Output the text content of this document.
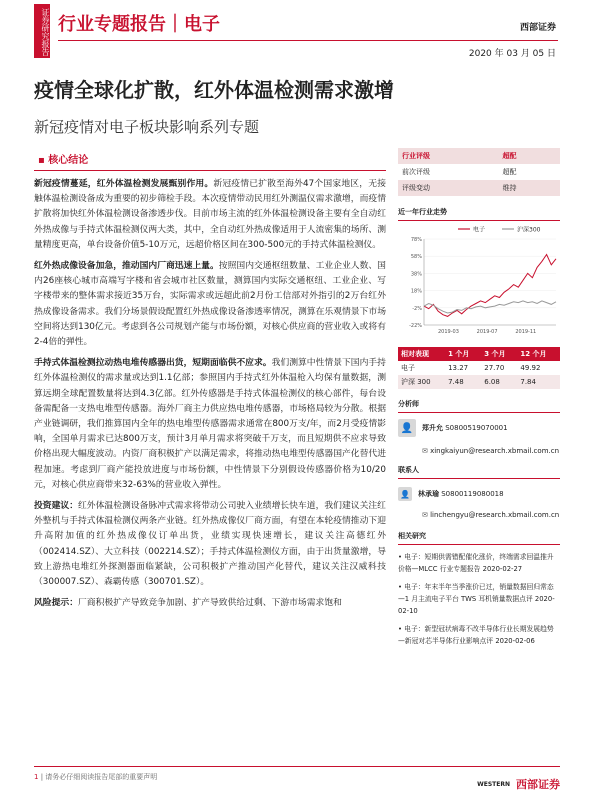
证券研究报告 行业专题报告｜电子	西部证券
2020 年 03 月 05 日
疫情全球化扩散，红外体温检测需求激增
新冠疫情对电子板块影响系列专题
▪ 核心结论
新冠疫情蔓延，红外体温检测发展甄别作用。新冠疫情已扩散至海外47个国家地区，无接触体温检测设备成为重要的初步筛检手段。本次疫情带动民用红外测温仪需求激增，而疫情扩散将加快红外体温检测设备渗透步伐。目前市场主流的红外体温检测设备主要有全自动红外热成像与手持式体温检测仪两大类，其中，全自动红外热成像适用于人流密集的场所、测量精度更高，单台设备价值5-10万元，远超价格区间在300-500元的手持式体温检测仪。
红外热成像设备加急，推动国内厂商迅速上量。按照国内交通枢纽数量、工业企业人数、国内26座核心城市高端写字楼和省会城市社区数量，测算国内实际交通枢纽、工业企业、写字楼带来的整体需求接近35万台，实际需求或远超此前2月份工信部对外指引的2万台红外热成像设备需求。我们分场景假设配置红外热成像设备渗透率情况，测算在乐观情景下市场空间将达到130亿元。考虑到各公司规划产能与市场份额，对核心供应商的营业收入或将有2-4倍的弹性。
手持式体温检测拉动热电堆传感器出货，短期面临供不应求。我们测算中性情景下国内手持红外体温检测仪的需求量或达到1.1亿部；参照国内手持式红外体温枪入均保有量数据，测算远期全球配置数量将达到4.3亿部。红外传感器是手持式体温检测仪的核心部件，每台设备需配备一支热电堆型传感器。海外厂商主力供应热电堆传感器，市场格局较为分散。根据产业链调研，我们推算国内全年的热电堆型传感器需求通常在800万支/年，而2月受疫情影响，全国单月需求已达800万支，预计3月单月需求将突破千万支，而且短期供不应求导致价格出现大幅度波动。内资厂商积极扩产以满足需求，将推动热电堆型传感器国产化替代进程加速。考虑到厂商产能投放进度与市场份额，中性情景下分别假设传感器价格为10/20元，对核心供应商带来32-63%的营业收入弹性。
投资建议：红外体温检测设备脉冲式需求将带动公司驶入业绩增长快车道，我们建议关注红外整机与手持式体温检测仪两条产业链。红外热成像仪厂商方面，有望在本轮疫情推动下迎升高附加值的红外热成像仪订单出货，业绩实现快速增长，建议关注高德红外（002414.SZ）、大立科技（002214.SZ）；手持式体温检测仪方面，由于出货量激增，导致上游热电堆红外探测器面临紧缺，公司积极扩产推动国产化替代，建议关注汉威科技（300007.SZ）、森霸传感（300701.SZ）。
风险提示：厂商积极扩产导致竞争加剧、扩产导致供给过剩、下游市场需求饱和
行业评级	超配
前次评级	超配
评级变动	维持
近一年行业走势
电子	沪深300
78%
58%
38%
18%
-2%
-22%
2019-03	2019-07	2019-11
相对表现	1 个月	3 个月	12 个月
电子	13.27	27.70	49.92
沪深 300	7.48	6.08	7.84
分析师
👤	郑升允 S0800519070001
✉ xingkaiyun@research.xbmail.com.cn
联系人
👤 林承瑜 S0800119080018
✉ linchengyu@research.xbmail.com.cn
相关研究
• 电子：短期供需错配催化涨价，终端需求回温推升价格—MLCC 行业专题报告 2020-02-27
• 电子：年末半年当季涨价已过，销量数据回归常态—1 月主流电子平台 TWS 耳机销量数据点评 2020-02-10
• 电子：新型冠状病毒不改半导体行业长期发展趋势—新冠对芯半导体行业影响点评 2020-02-06
1 | 请务必仔细阅读报告尾部的重要声明
WESTERN 西部证券
